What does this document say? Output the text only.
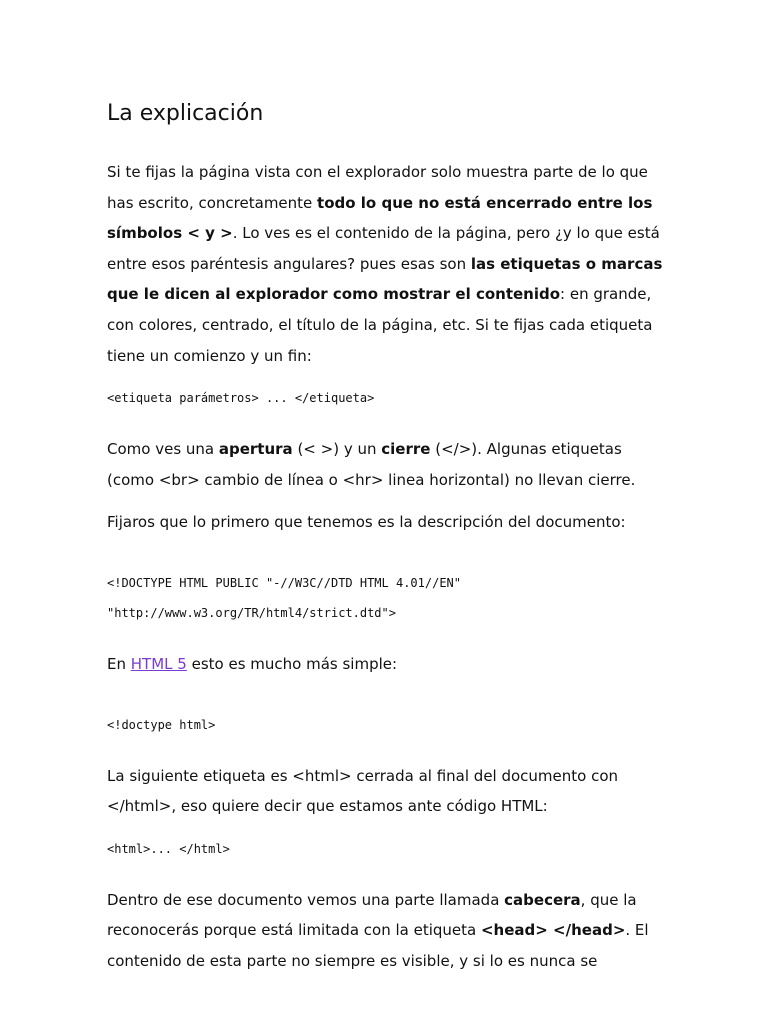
La explicación

Si te fijas la página vista con el explorador solo muestra parte de lo que has escrito, concretamente todo lo que no está encerrado entre los símbolos < y >. Lo ves es el contenido de la página, pero ¿y lo que está entre esos paréntesis angulares? pues esas son las etiquetas o marcas que le dicen al explorador como mostrar el contenido: en grande, con colores, centrado, el título de la página, etc. Si te fijas cada etiqueta tiene un comienzo y un fin:

<etiqueta parámetros> ... </etiqueta>

Como ves una apertura (< >) y un cierre (</>). Algunas etiquetas (como <br> cambio de línea o <hr> linea horizontal) no llevan cierre.

Fijaros que lo primero que tenemos es la descripción del documento:

<!DOCTYPE HTML PUBLIC "-//W3C//DTD HTML 4.01//EN"
"http://www.w3.org/TR/html4/strict.dtd">

En HTML 5 esto es mucho más simple:

<!doctype html>

La siguiente etiqueta es <html> cerrada al final del documento con </html>, eso quiere decir que estamos ante código HTML:

<html>... </html>

Dentro de ese documento vemos una parte llamada cabecera, que la reconocerás porque está limitada con la etiqueta <head> </head>. El contenido de esta parte no siempre es visible, y si lo es nunca se
